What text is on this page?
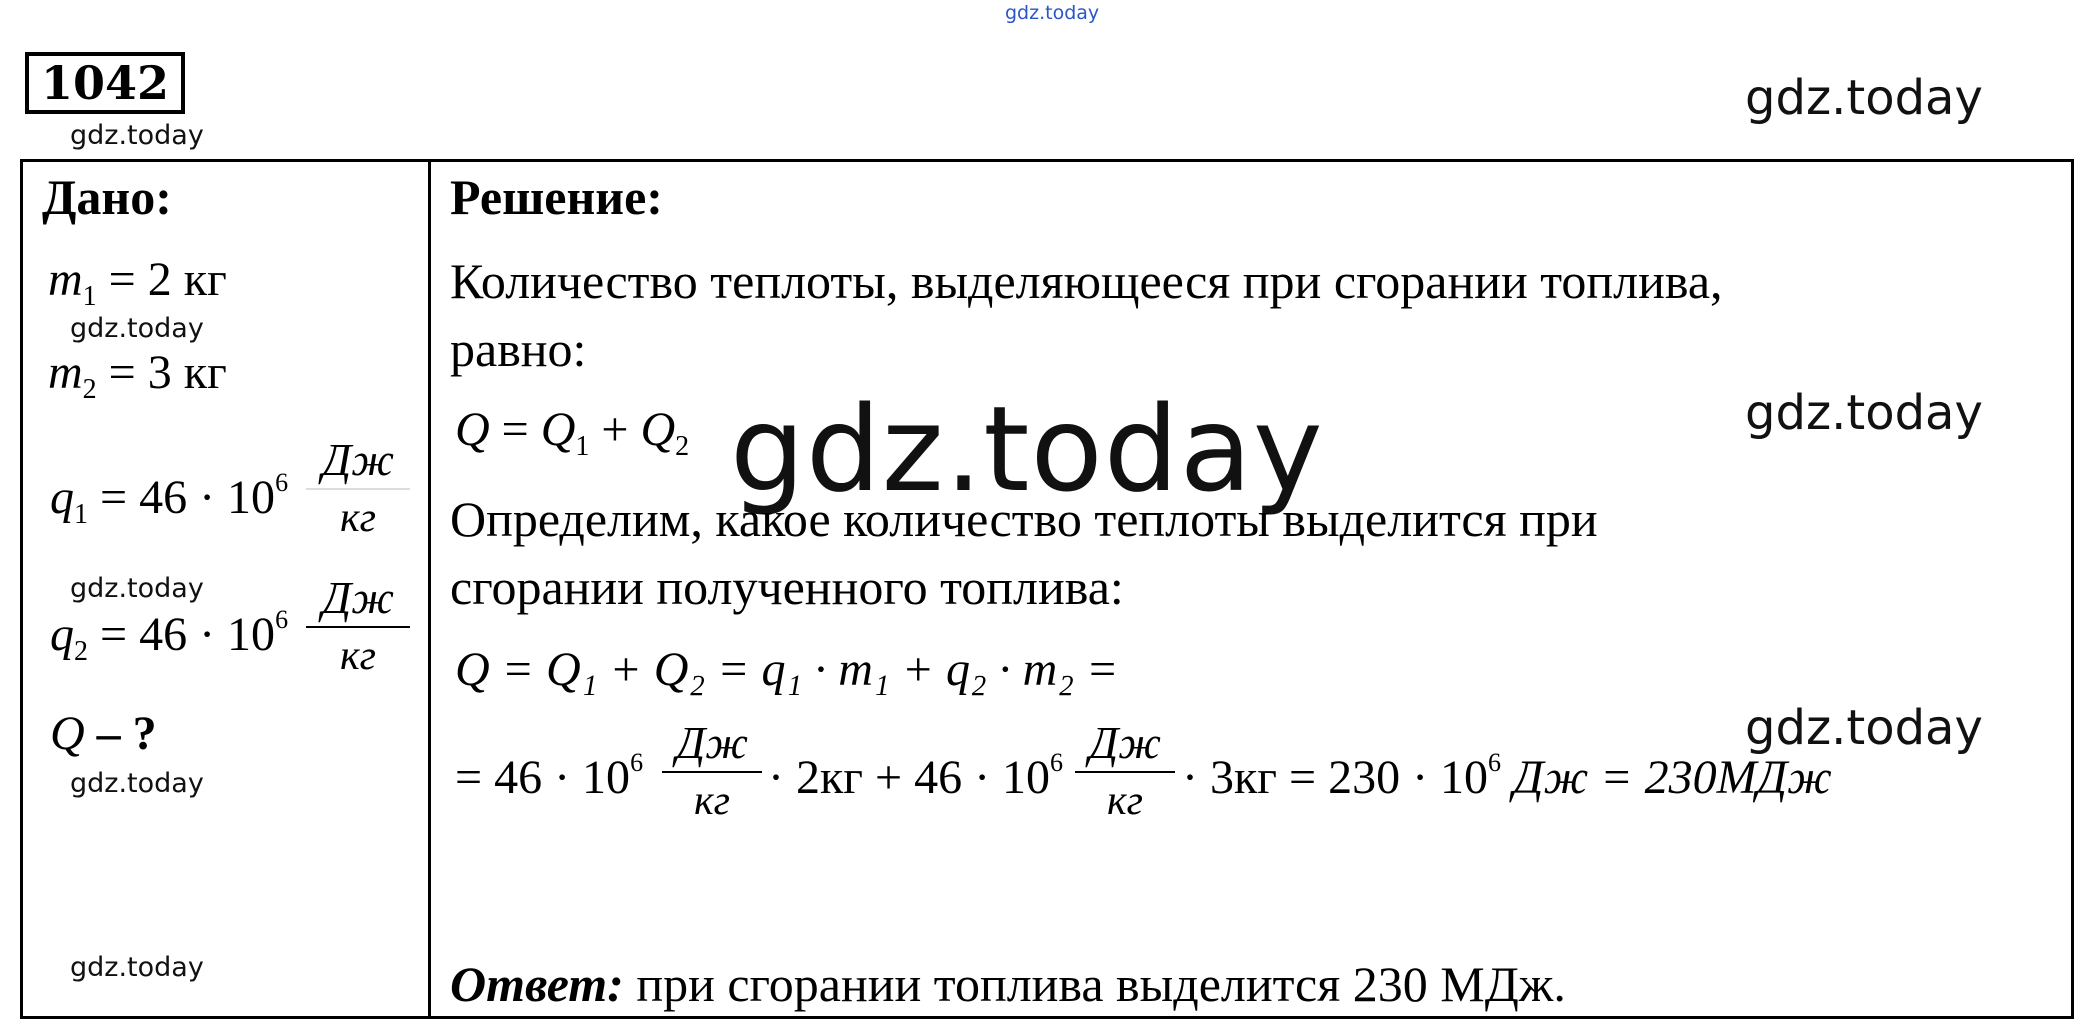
gdz.today
1042
gdz.today
gdz.today
Дано:
$m_1 = 2$ кг
gdz.today
$m_2 = 3$ кг
$q_1 = 46 \cdot 10^6$ Дж
кг
gdz.today
$q_2 = 46 \cdot 10^6$ Дж
кг
Q – ?
gdz.today
gdz.today
Решение:
Количество теплоты, выделяющееся при сгорании топлива,
равно:
$Q = Q_1 + Q_2$ gdz.today	gdz.today
Определим, какое количество теплоты выделится при
сгорании полученного топлива:
Q = Q₁ + Q₂ = q₁ · m₁ + q₂ · m₂ =
gdz.today
= $46 \cdot 10^6$ Дж
кг · $2кг + 46 \cdot 10^6$ Дж
кг · $3кг = 230 \cdot 10^6$ Дж = 230МДж
Ответ: при сгорании топлива выделится 230 МДж.
